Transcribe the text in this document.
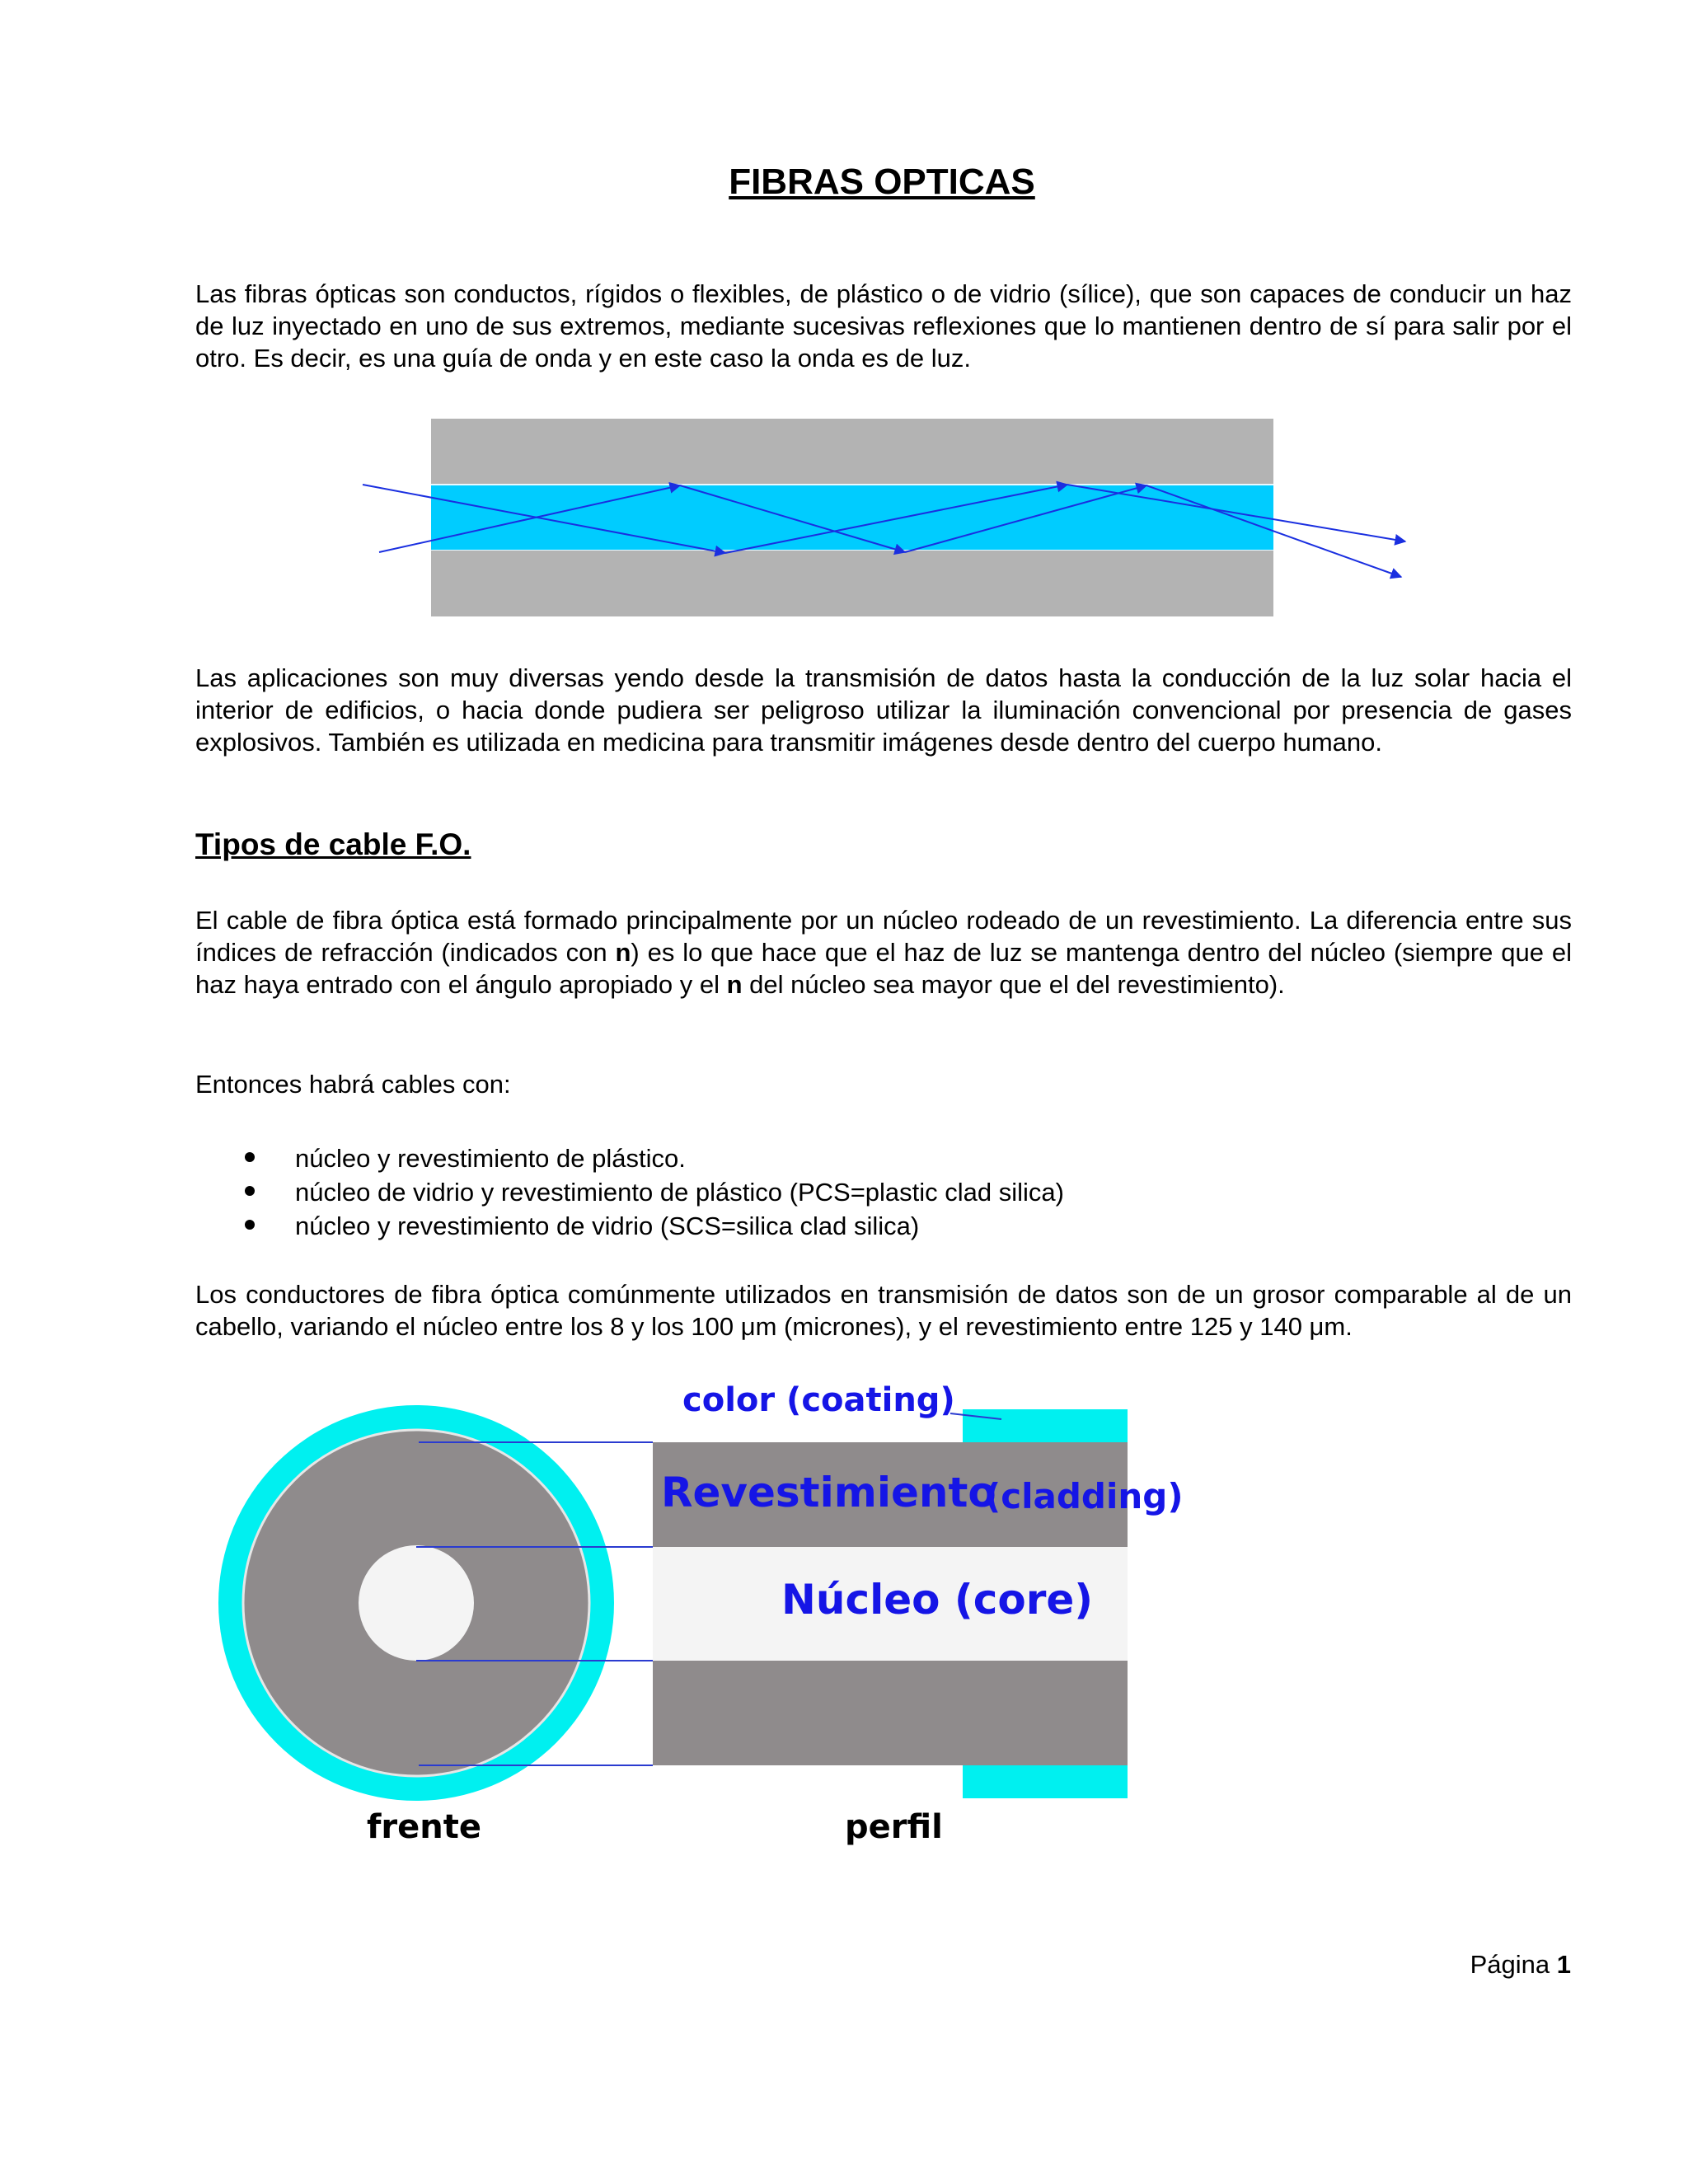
FIBRAS OPTICAS

Las fibras ópticas son conductos, rígidos o flexibles, de plástico o de vidrio (sílice), que son capaces de conducir un haz de luz inyectado en uno de sus extremos, mediante sucesivas reflexiones que lo mantienen dentro de sí para salir por el otro. Es decir, es una guía de onda y en este caso la onda es de luz.

Las aplicaciones son muy diversas yendo desde la transmisión de datos hasta la conducción de la luz solar hacia el interior de edificios, o hacia donde pudiera ser peligroso utilizar la iluminación convencional por presencia de gases explosivos. También es utilizada en medicina para transmitir imágenes desde dentro del cuerpo humano.

Tipos de cable F.O.

El cable de fibra óptica está formado principalmente por un núcleo rodeado de un revestimiento. La diferencia entre sus índices de refracción (indicados con n) es lo que hace que el haz de luz se mantenga dentro del núcleo (siempre que el haz haya entrado con el ángulo apropiado y el n del núcleo sea mayor que el del revestimiento).

Entonces habrá cables con:

núcleo y revestimiento de plástico.
núcleo de vidrio y revestimiento de plástico (PCS=plastic clad silica)
núcleo y revestimiento de vidrio (SCS=silica clad silica)

Los conductores de fibra óptica comúnmente utilizados en transmisión de datos son de un grosor comparable al de un cabello, variando el núcleo entre los 8 y los 100 μm (micrones), y el revestimiento entre 125 y 140 μm.

color (coating)
Revestimiento
(cladding)
Núcleo (core)
frente	perfil

Página 1
